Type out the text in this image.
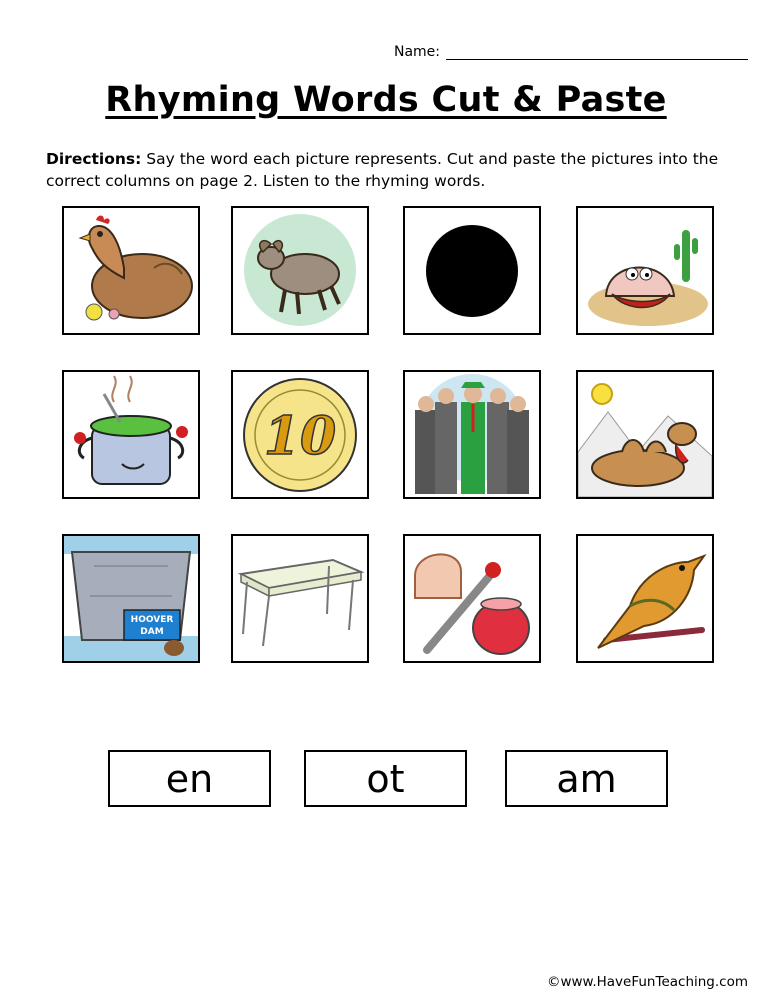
Name:
Rhyming Words Cut & Paste
Directions: Say the word each picture represents. Cut and paste the pictures into the correct columns on page 2. Listen to the rhyming words.
10
HOOVER
DAM
en	ot	am
©www.HaveFunTeaching.com
